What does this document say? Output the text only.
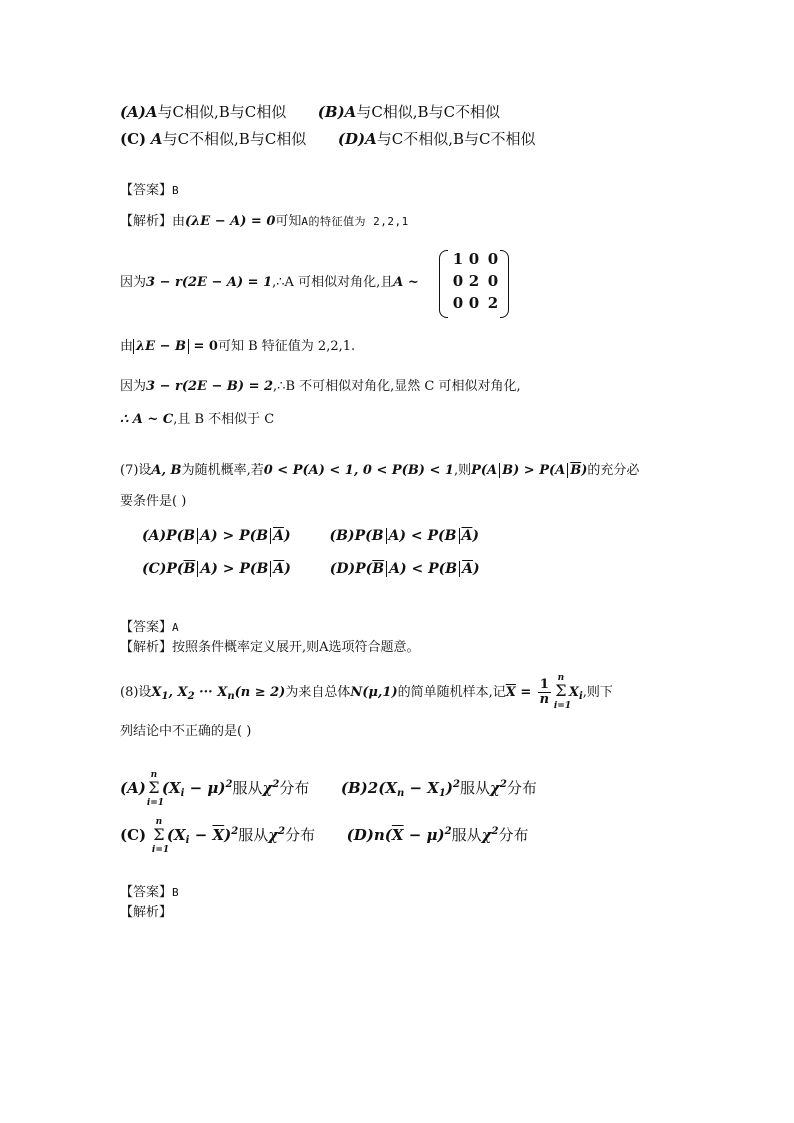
(A)A与C相似,B与C相似 (B)A与C相似,B与C不相似
(C) A与C不相似,B与C相似 (D)A与C不相似,B与C不相似
【答案】B
【解析】由(λE − A) = 0可知A的特征值为 2,2,1
因为3 − r(2E − A) = 1,∴A 可相似对角化,且A ~
1 0 0
0 2 0
0 0 2
由 λE − B = 0可知 B 特征值为 2,2,1.
因为3 − r(2E − B) = 2,∴B 不可相似对角化,显然 C 可相似对角化,
∴ A ~ C,且 B 不相似于 C
(7)设A, B为随机概率,若0 < P(A) < 1, 0 < P(B) < 1,则P(A B) > P(A $\overline{B}$)的充分必
要条件是( )
(A)P(B A) > P(B $\overline{A}$)	(B)P(B A) < P(B $\overline{A}$)
$(C)P(\overline{B}$ A) > P(B $\overline{A}$)	$(D)P(\overline{B}$ A) < P(B $\overline{A}$)
【答案】A
【解析】按照条件概率定义展开,则A选项符合题意。
(8)设$X_1$, $X_2$ ··· $X_n(n \ge 2)$为来自总体N(μ,1)的简单随机样本,记$\overline{X} = \frac{1}{n}$ n
Σ
i=1
$X_i$,则下
列结论中不正确的是( )
(A)
n
Σ
i=1
$(X_i - \mu)^2$服从$\chi^2$分布 $(B)2(X_n - X_1)^2$服从$\chi^2$分布
(C)
n
Σ
i=1
$(X_i - \overline{X})^2$服从$\chi^2$分布 $(D)n(\overline{X} - \mu)^2$服从$\chi^2$分布
【答案】B
【解析】
